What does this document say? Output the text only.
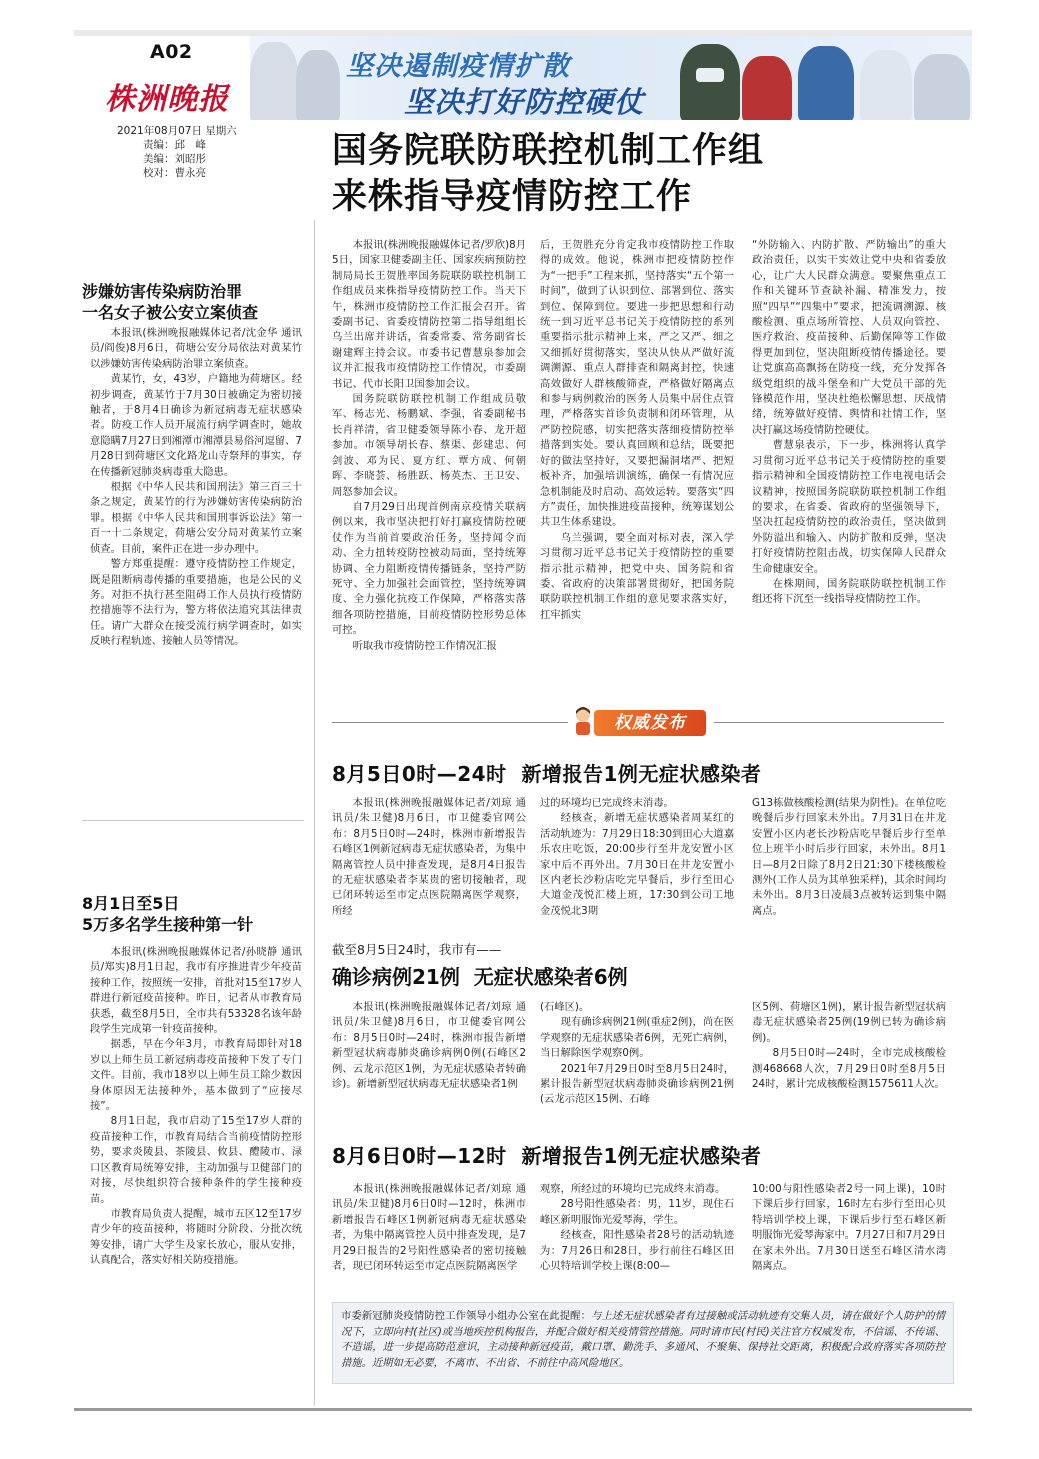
A02
株洲晚报
坚决遏制疫情扩散
坚决打好防控硬仗
2021年08月07日 星期六
责编：邱　峰
美编：刘昭彤
校对：曹永亮
国务院联防联控机制工作组
来株指导疫情防控工作
涉嫌妨害传染病防治罪
一名女子被公安立案侦查

本报讯(株洲晚报融媒体记者/沈金华 通讯员/阎俊)8月6日，荷塘公安分局依法对黄某竹以涉嫌妨害传染病防治罪立案侦查。

黄某竹，女，43岁，户籍地为荷塘区。经初步调查，黄某竹于7月30日被确定为密切接触者，于8月4日确诊为新冠病毒无症状感染者。防疫工作人员开展流行病学调查时，她故意隐瞒7月27日到湘潭市湘潭县易俗河逗留、7月28日到荷塘区文化路龙山寺祭拜的事实，存在传播新冠肺炎病毒重大隐患。

根据《中华人民共和国刑法》第三百三十条之规定，黄某竹的行为涉嫌妨害传染病防治罪。根据《中华人民共和国刑事诉讼法》第一百一十二条规定，荷塘公安分局对黄某竹立案侦查。目前，案件正在进一步办理中。

警方郑重提醒：遵守疫情防控工作规定，既是阻断病毒传播的重要措施，也是公民的义务。对拒不执行甚至阻碍工作人员执行疫情防控措施等不法行为，警方将依法追究其法律责任。请广大群众在接受流行病学调查时，如实反映行程轨迹、接触人员等情况。

8月1日至5日
5万多名学生接种第一针

本报讯(株洲晚报融媒体记者/孙晓静 通讯员/郑实)8月1日起，我市有序推进青少年疫苗接种工作，按照统一安排，首批对15至17岁人群进行新冠疫苗接种。昨日，记者从市教育局获悉，截至8月5日，全市共有53328名该年龄段学生完成第一针疫苗接种。

据悉，早在今年3月，市教育局即针对18岁以上师生员工新冠病毒疫苗接种下发了专门文件。目前，我市18岁以上师生员工除少数因身体原因无法接种外，基本做到了“应接尽接”。

8月1日起，我市启动了15至17岁人群的疫苗接种工作，市教育局结合当前疫情防控形势，要求炎陵县、茶陵县、攸县、醴陵市、渌口区教育局统筹安排，主动加强与卫健部门的对接，尽快组织符合接种条件的学生接种疫苗。

市教育局负责人提醒，城市五区12至17岁青少年的疫苗接种，将随时分阶段、分批次统筹安排，请广大学生及家长放心，服从安排，认真配合，落实好相关防疫措施。

本报讯(株洲晚报融媒体记者/罗欣)8月5日，国家卫健委副主任、国家疾病预防控制局局长王贺胜率国务院联防联控机制工作组成员来株指导疫情防控工作。当天下午，株洲市疫情防控工作汇报会召开。省委副书记、省委疫情防控第二指导组组长乌兰出席并讲话，省委常委、常务副省长谢建辉主持会议。市委书记曹慧泉参加会议并汇报我市疫情防控工作情况，市委副书记、代市长阳卫国参加会议。

国务院联防联控机制工作组成员敬军、杨志光、杨鹏斌、李强，省委副秘书长肖祥清，省卫健委领导陈小春、龙开超参加。市领导胡长春、蔡渠、彭建忠、何剑波、邓为民、夏方红、覃方成、何朝晖、李晓荟、杨胜跃、杨英杰、王卫安、周怒参加会议。

自7月29日出现首例南京疫情关联病例以来，我市坚决把打好打赢疫情防控硬仗作为当前首要政治任务，坚持闻令而动、全力扭转疫防控被动局面，坚持统筹协调、全力阻断疫情传播链条，坚持严防死守、全力加强社会面管控，坚持统筹调度、全力强化抗疫工作保障，严格落实落细各项防控措施，目前疫情防控形势总体可控。

听取我市疫情防控工作情况汇报

后，王贺胜充分肯定我市疫情防控工作取得的成效。他说，株洲市把疫情防控作为“一把手”工程来抓，坚持落实“五个第一时间”，做到了认识到位、部署到位、落实到位、保障到位。要进一步把思想和行动统一到习近平总书记关于疫情防控的系列重要指示批示精神上来，严之又严、细之又细抓好贯彻落实，坚决从快从严做好流调溯源、重点人群排查和隔离封控，快速高效做好人群核酸筛查，严格做好隔离点和参与病例救治的医务人员集中居住点管理，严格落实首诊负责制和闭环管理，从严防控院感，切实把落实落细疫情防控举措落到实处。要认真回顾和总结，既要把好的做法坚持好，又要把漏洞堵严、把短板补齐，加强培训演练，确保一有情况应急机制能及时启动、高效运转。要落实“四方”责任，加快推进疫苗接种，统筹谋划公共卫生体系建设。

乌兰强调，要全面对标对表，深入学习贯彻习近平总书记关于疫情防控的重要指示批示精神，把党中央、国务院和省委、省政府的决策部署贯彻好，把国务院联防联控机制工作组的意见要求落实好，扛牢抓实

“外防输入、内防扩散、严防输出”的重大政治责任，以实干实效让党中央和省委放心，让广大人民群众满意。要聚焦重点工作和关键环节查缺补漏、精准发力，按照“四早”“四集中”要求，把流调溯源、核酸检测、重点场所管控、人员双向管控、医疗救治、疫苗接种、后勤保障等工作做得更加到位，坚决阻断疫情传播途径。要让党旗高高飘扬在防疫一线，充分发挥各级党组织的战斗堡垒和广大党员干部的先锋模范作用，坚决杜绝松懈思想、厌战情绪，统筹做好疫情、舆情和社情工作，坚决打赢这场疫情防控硬仗。

曹慧泉表示，下一步，株洲将认真学习贯彻习近平总书记关于疫情防控的重要指示精神和全国疫情防控工作电视电话会议精神，按照国务院联防联控机制工作组的要求，在省委、省政府的坚强领导下，坚决扛起疫情防控的政治责任，坚决做到外防溢出和输入、内防扩散和反弹，坚决打好疫情防控阻击战，切实保障人民群众生命健康安全。

在株期间，国务院联防联控机制工作组还将下沉至一线指导疫情防控工作。

权威发布
8月5日0时—24时  新增报告1例无症状感染者

本报讯(株洲晚报融媒体记者/刘琼 通讯员/朱卫健)8月6日，市卫健委官网公布：8月5日0时—24时，株洲市新增报告石峰区1例新冠病毒无症状感染者，为集中隔离管控人员中排查发现，是8月4日报告的无症状感染者李某贵的密切接触者，现已闭环转运至市定点医院隔离医学观察，所经

过的环境均已完成终末消毒。

经核查，新增无症状感染者周某红的活动轨迹为：7月29日18:30到田心大道嘉乐农庄吃饭，20:00步行至井龙安置小区家中后不再外出。7月30日在井龙安置小区内老长沙粉店吃完早餐后，步行至田心大道金茂悦汇楼上班，17:30到公司工地金茂悦北3期

G13栋做核酸检测(结果为阴性)。在单位吃晚餐后步行回家未外出。7月31日在井龙安置小区内老长沙粉店吃早餐后步行至单位上班半小时后步行回家，未外出。8月1日—8月2日除了8月2日21:30下楼核酸检测外(工作人员为其单独采样)，其余时间均未外出。8月3日凌晨3点被转运到集中隔离点。

截至8月5日24时，我市有——
确诊病例21例  无症状感染者6例

本报讯(株洲晚报融媒体记者/刘琼 通讯员/朱卫健)8月6日，市卫健委官网公布：8月5日0时—24时，株洲市报告新增新型冠状病毒肺炎确诊病例0例(石峰区2例、云龙示范区1例，为无症状感染者转确诊)。新增新型冠状病毒无症状感染者1例

(石峰区)。

现有确诊病例21例(重症2例)，尚在医学观察的无症状感染者6例，无死亡病例，当日解除医学观察0例。

2021年7月29日0时至8月5日24时，累计报告新型冠状病毒肺炎确诊病例21例(云龙示范区15例、石峰

区5例、荷塘区1例)，累计报告新型冠状病毒无症状感染者25例(19例已转为确诊病例)。

8月5日0时—24时，全市完成核酸检测468668人次，7月29日0时至8月5日24时，累计完成核酸检测1575611人次。

8月6日0时—12时  新增报告1例无症状感染者

本报讯(株洲晚报融媒体记者/刘琼 通讯员/朱卫健)8月6日0时—12时，株洲市新增报告石峰区1例新冠病毒无症状感染者，为集中隔离管控人员中排查发现，是7月29日报告的2号阳性感染者的密切接触者，现已闭环转运至市定点医院隔离医学

观察，所经过的环境均已完成终末消毒。

28号阳性感染者：男，11岁，现住石峰区新明服饰光爱琴海，学生。

经核查，阳性感染者28号的活动轨迹为：7月26日和28日，步行前往石峰区田心贝特培训学校上课(8:00—

10:00与阳性感染者2号一同上课)，10时下课后步行回家，16时左右步行至田心贝特培训学校上课，下课后步行至石峰区新明服饰光爱琴海家中。7月27日和7月29日在家未外出。7月30日送至石峰区清水湾隔离点。

市委新冠肺炎疫情防控工作领导小组办公室在此提醒：与上述无症状感染者有过接触或活动轨迹有交集人员，请在做好个人防护的情况下，立即向村(社区)或当地疾控机构报告，并配合做好相关疫情管控措施。同时请市民(村民)关注官方权威发布，不信谣、不传谣、不造谣，进一步提高防范意识，主动接种新冠疫苗，戴口罩、勤洗手、多通风、不聚集、保持社交距离，积极配合政府落实各项防控措施。近期如无必要，不离市、不出省、不前往中高风险地区。
